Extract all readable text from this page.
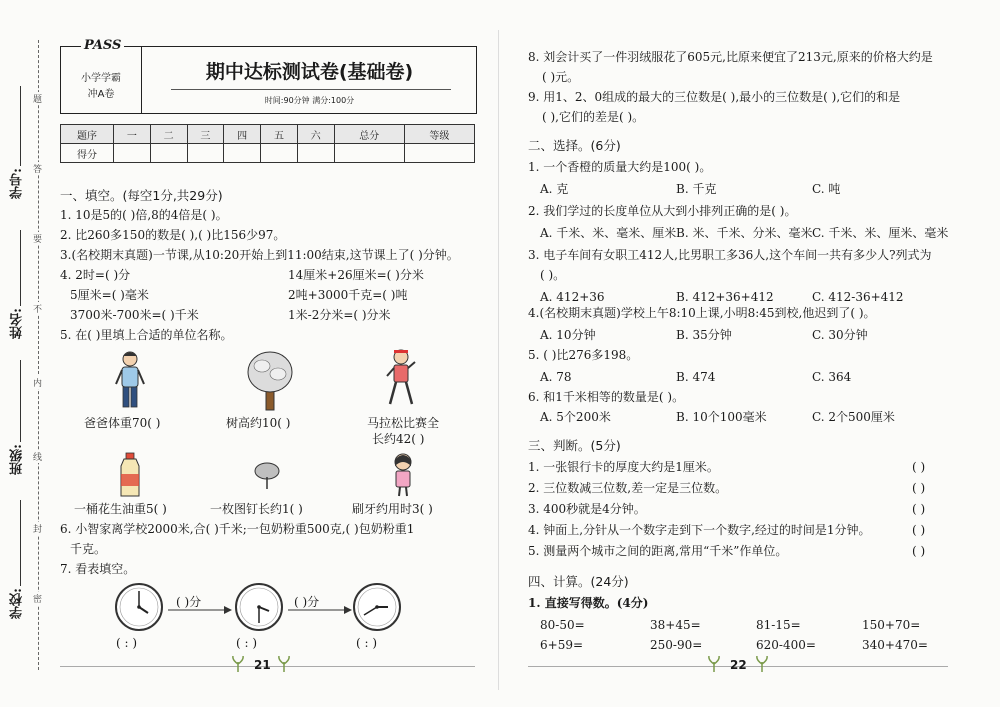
题
答
要
不
内
线
封
密
学号:
姓名:
班级:
学校:
PASS
小学学霸
冲A卷
期中达标测试卷(基础卷)
时间:90分钟 满分:100分
题序	一	二	三	四	五	六	总分	等级
得分								
一、填空。(每空1分,共29分)
1. 10是5的( )倍,8的4倍是( )。
2. 比260多150的数是( ),( )比156少97。
3.(名校期末真题)一节课,从10:20开始上到11:00结束,这节课上了( )分钟。
4. 2时=( )分	14厘米+26厘米=( )分米
5厘米=( )毫米	2吨+3000千克=( )吨
3700米-700米=( )千米	1米-2分米=( )分米
5. 在( )里填上合适的单位名称。
爸爸体重70( )	树高约10( )	马拉松比赛全
长约42( )
一桶花生油重5( )	一枚图钉长约1( )	刷牙约用时3( )
6. 小智家离学校2000米,合( )千米;一包奶粉重500克,( )包奶粉重1
千克。
7. 看表填空。
( )分	( )分
( : )	( : )	( : )
21
8. 刘会计买了一件羽绒服花了605元,比原来便宜了213元,原来的价格大约是
( )元。
9. 用1、2、0组成的最大的三位数是( ),最小的三位数是( ),它们的和是
( ),它们的差是( )。
二、选择。(6分)
1. 一个香橙的质量大约是100( )。
A. 克	B. 千克	C. 吨
2. 我们学过的长度单位从大到小排列正确的是( )。
A. 千米、米、毫米、厘米 B. 米、千米、分米、毫米 C. 千米、米、厘米、毫米
3. 电子车间有女职工412人,比男职工多36人,这个车间一共有多少人?列式为
( )。
A. 412+36	B. 412+36+412	C. 412-36+412
4.(名校期末真题)学校上午8:10上课,小明8:45到校,他迟到了( )。
A. 10分钟	B. 35分钟	C. 30分钟
5. ( )比276多198。
A. 78	B. 474	C. 364
6. 和1千米相等的数量是( )。
A. 5个200米	B. 10个100毫米	C. 2个500厘米
三、判断。(5分)
1. 一张银行卡的厚度大约是1厘米。	( )
2. 三位数减三位数,差一定是三位数。	( )
3. 400秒就是4分钟。	( )
4. 钟面上,分针从一个数字走到下一个数字,经过的时间是1分钟。	( )
5. 测量两个城市之间的距离,常用“千米”作单位。	( )
四、计算。(24分)
1. 直接写得数。(4分)
80-50=	38+45=	81-15=	150+70=
6+59=	250-90=	620-400=	340+470=
22
